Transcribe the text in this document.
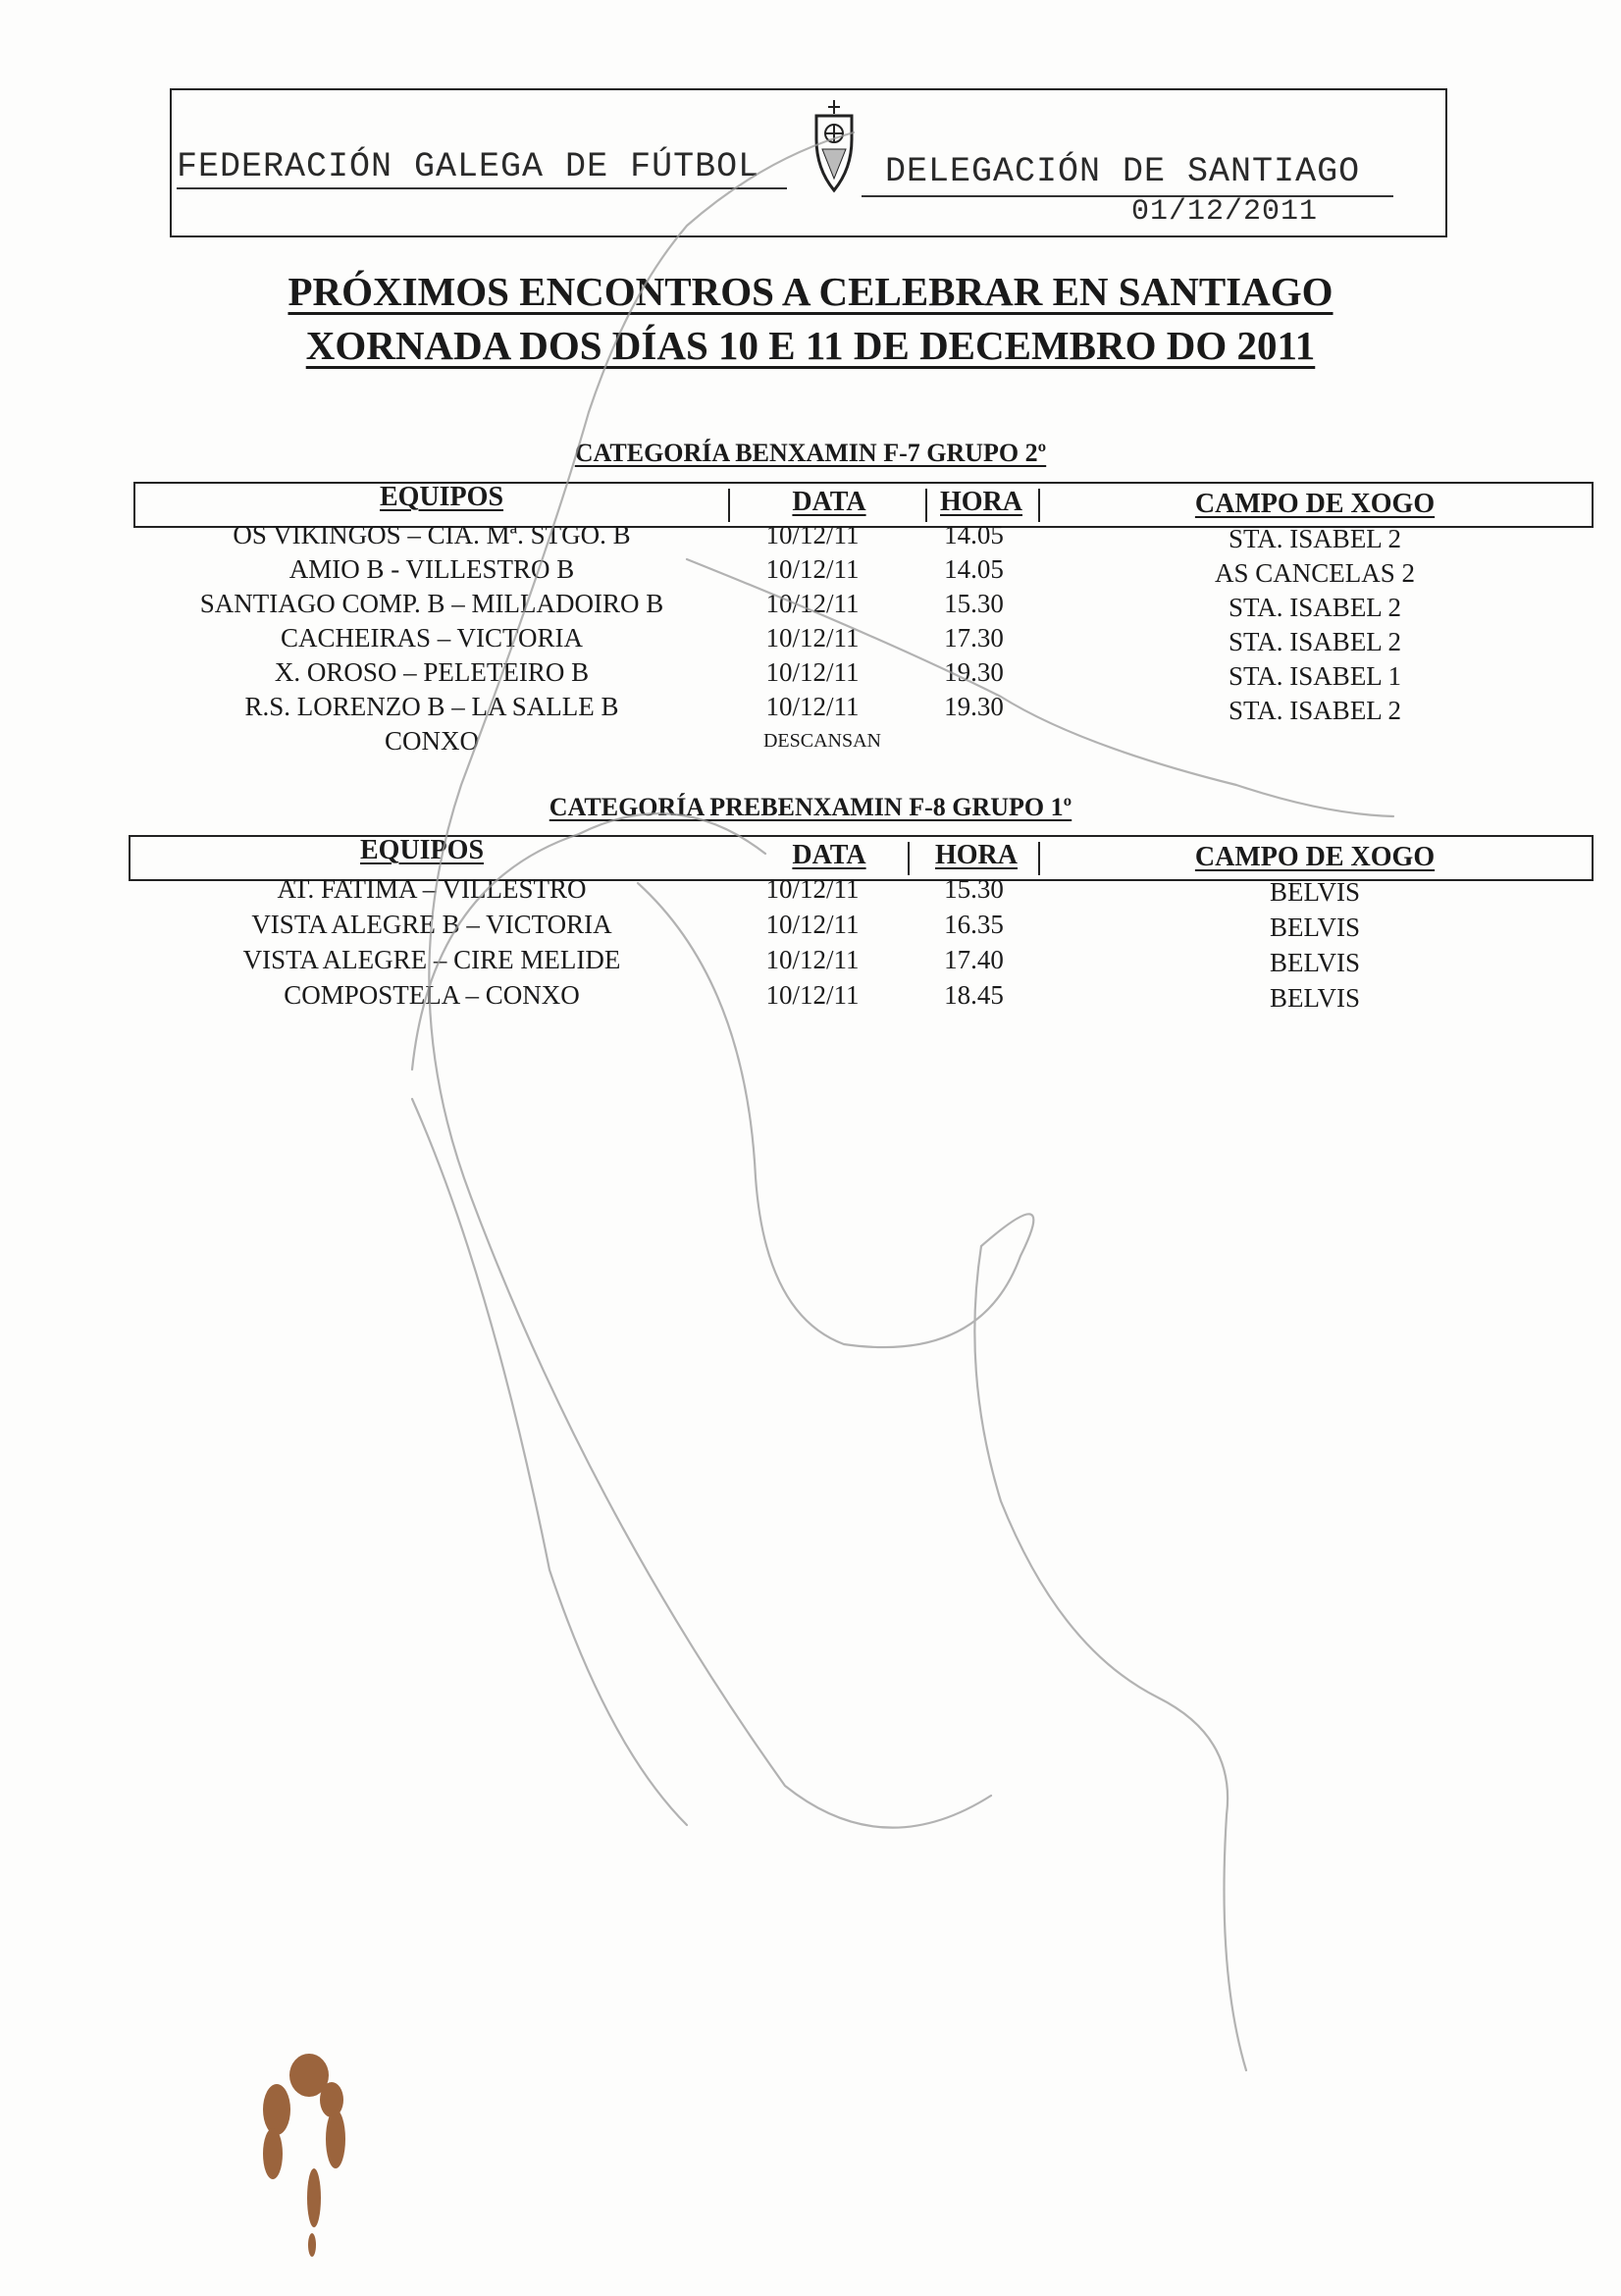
FEDERACIÓN GALEGA DE FÚTBOL	DELEGACIÓN DE SANTIAGO
01/12/2011
PRÓXIMOS ENCONTROS A CELEBRAR EN SANTIAGO
XORNADA DOS DÍAS 10 E 11 DE DECEMBRO DO 2011
CATEGORÍA BENXAMIN F-7 GRUPO 2º
EQUIPOS	DATA	HORA	CAMPO DE XOGO
OS VIKINGOS – CIA. Mª. STGO. B	10/12/11	14.05	STA. ISABEL 2
AMIO B - VILLESTRO B	10/12/11	14.05	AS CANCELAS 2
SANTIAGO COMP. B – MILLADOIRO B	10/12/11	15.30	STA. ISABEL 2
CACHEIRAS – VICTORIA	10/12/11	17.30	STA. ISABEL 2
X. OROSO – PELETEIRO B	10/12/11	19.30	STA. ISABEL 1
R.S. LORENZO B – LA SALLE B	10/12/11	19.30	STA. ISABEL 2
CONXO	DESCANSAN
CATEGORÍA PREBENXAMIN F-8 GRUPO 1º
EQUIPOS	DATA	HORA	CAMPO DE XOGO
AT. FATIMA – VILLESTRO	10/12/11	15.30	BELVIS
VISTA ALEGRE B – VICTORIA	10/12/11	16.35	BELVIS
VISTA ALEGRE – CIRE MELIDE	10/12/11	17.40	BELVIS
COMPOSTELA – CONXO	10/12/11	18.45	BELVIS
